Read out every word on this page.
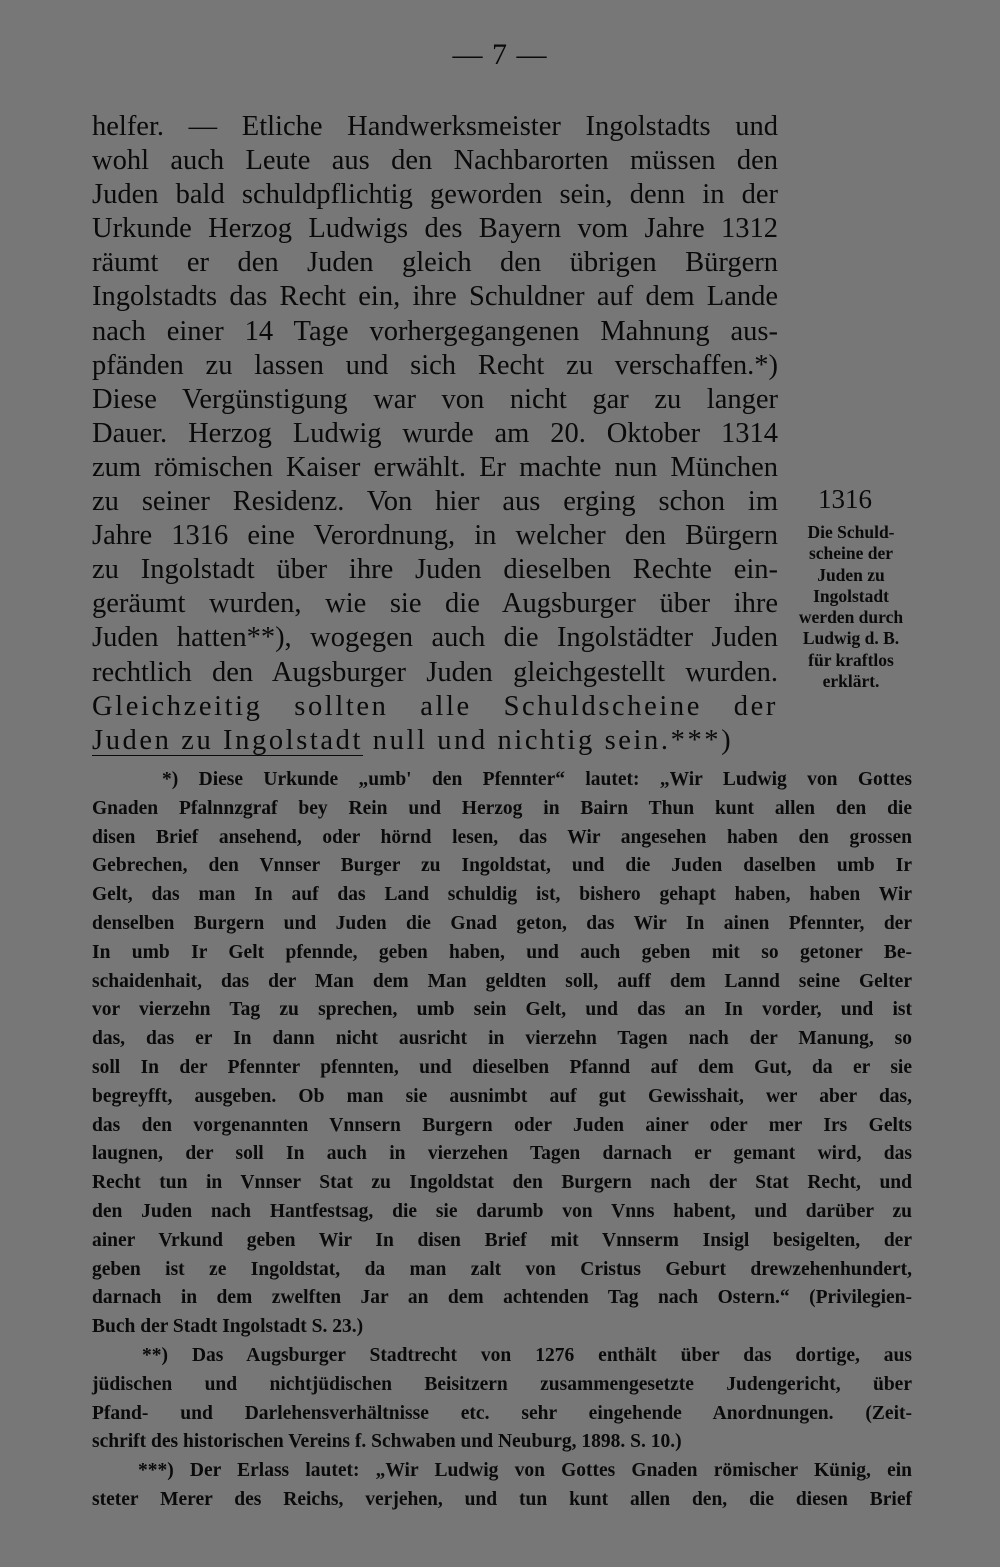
— 7 —
helfer. — Etliche Handwerksmeister Ingolstadts und
wohl auch Leute aus den Nachbarorten müssen den
Juden bald schuldpflichtig geworden sein, denn in der
Urkunde Herzog Ludwigs des Bayern vom Jahre 1312
räumt er den Juden gleich den übrigen Bürgern
Ingolstadts das Recht ein, ihre Schuldner auf dem Lande
nach einer 14 Tage vorhergegangenen Mahnung aus-
pfänden zu lassen und sich Recht zu verschaffen.*)
Diese Vergünstigung war von nicht gar zu langer
Dauer. Herzog Ludwig wurde am 20. Oktober 1314
zum römischen Kaiser erwählt. Er machte nun München
zu seiner Residenz. Von hier aus erging schon im
Jahre 1316 eine Verordnung, in welcher den Bürgern
zu Ingolstadt über ihre Juden dieselben Rechte ein-
geräumt wurden, wie sie die Augsburger über ihre
Juden hatten**), wogegen auch die Ingolstädter Juden
rechtlich den Augsburger Juden gleichgestellt wurden.
Gleichzeitig sollten alle Schuldscheine der
Juden zu Ingolstadt null und nichtig sein.***)
1316
Die Schuld-
scheine der
Juden zu
Ingolstadt
werden durch
Ludwig d. B.
für kraftlos
erklärt.
*) Diese Urkunde „umb' den Pfennter“ lautet: „Wir Ludwig von Gottes
Gnaden Pfalnnzgraf bey Rein und Herzog in Bairn Thun kunt allen den die
disen Brief ansehend, oder hörnd lesen, das Wir angesehen haben den grossen
Gebrechen, den Vnnser Burger zu Ingoldstat, und die Juden daselben umb Ir
Gelt, das man In auf das Land schuldig ist, bishero gehapt haben, haben Wir
denselben Burgern und Juden die Gnad geton, das Wir In ainen Pfennter, der
In umb Ir Gelt pfennde, geben haben, und auch geben mit so getoner Be-
schaidenhait, das der Man dem Man geldten soll, auff dem Lannd seine Gelter
vor vierzehn Tag zu sprechen, umb sein Gelt, und das an In vorder, und ist
das, das er In dann nicht ausricht in vierzehn Tagen nach der Manung, so
soll In der Pfennter pfennten, und dieselben Pfannd auf dem Gut, da er sie
begreyfft, ausgeben. Ob man sie ausnimbt auf gut Gewisshait, wer aber das,
das den vorgenannten Vnnsern Burgern oder Juden ainer oder mer Irs Gelts
laugnen, der soll In auch in vierzehen Tagen darnach er gemant wird, das
Recht tun in Vnnser Stat zu Ingoldstat den Burgern nach der Stat Recht, und
den Juden nach Hantfestsag, die sie darumb von Vnns habent, und darüber zu
ainer Vrkund geben Wir In disen Brief mit Vnnserm Insigl besigelten, der
geben ist ze Ingoldstat, da man zalt von Cristus Geburt drewzehenhundert,
darnach in dem zwelften Jar an dem achtenden Tag nach Ostern.“ (Privilegien-
Buch der Stadt Ingolstadt S. 23.)
**) Das Augsburger Stadtrecht von 1276 enthält über das dortige, aus
jüdischen und nichtjüdischen Beisitzern zusammengesetzte Judengericht, über
Pfand- und Darlehensverhältnisse etc. sehr eingehende Anordnungen. (Zeit-
schrift des historischen Vereins f. Schwaben und Neuburg, 1898. S. 10.)
***) Der Erlass lautet: „Wir Ludwig von Gottes Gnaden römischer Künig, ein
steter Merer des Reichs, verjehen, und tun kunt allen den, die diesen Brief
